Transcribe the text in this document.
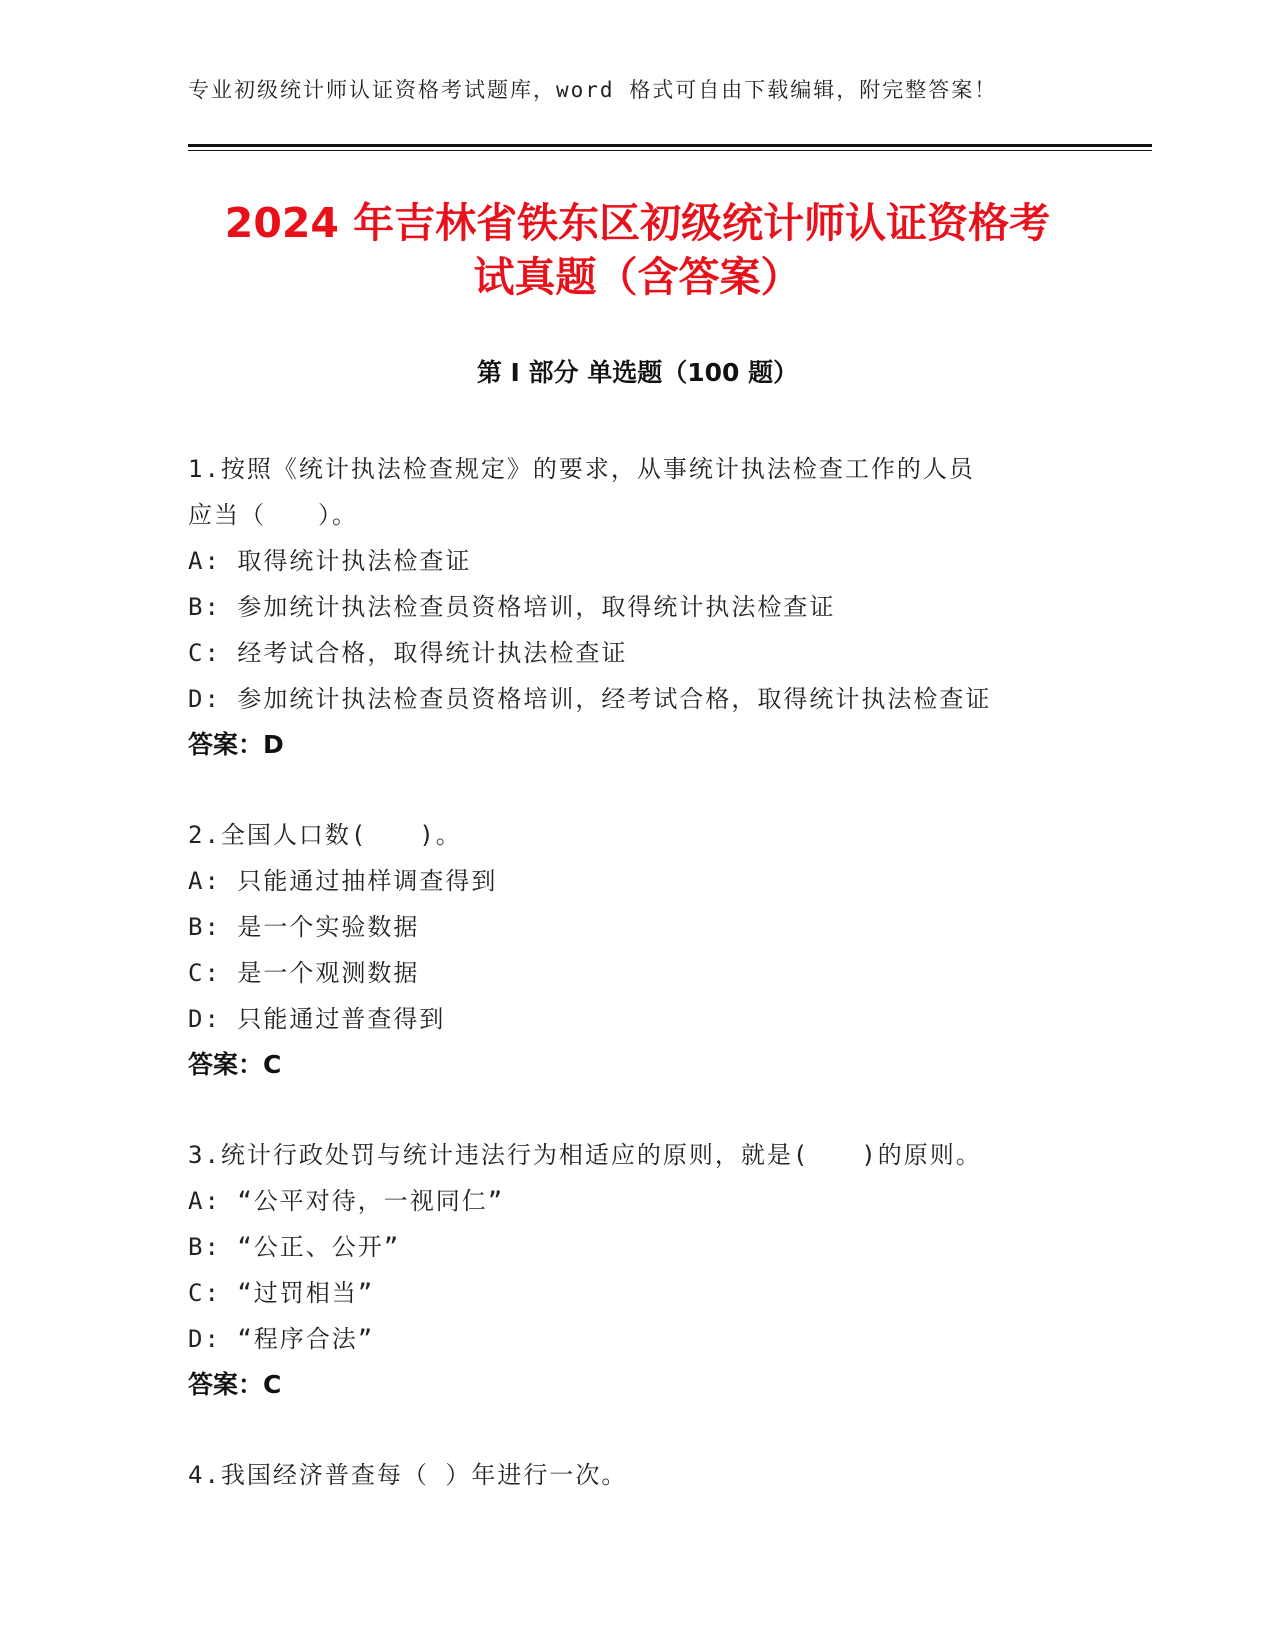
专业初级统计师认证资格考试题库，word 格式可自由下载编辑，附完整答案！
2024 年吉林省铁东区初级统计师认证资格考
试真题（含答案）
第 I 部分 单选题（100 题）
1.按照《统计执法检查规定》的要求，从事统计执法检查工作的人员
应当（　　）。
A: 取得统计执法检查证
B: 参加统计执法检查员资格培训，取得统计执法检查证
C: 经考试合格，取得统计执法检查证
D: 参加统计执法检查员资格培训，经考试合格，取得统计执法检查证
答案：D
2.全国人口数(　　)。
A: 只能通过抽样调查得到
B: 是一个实验数据
C: 是一个观测数据
D: 只能通过普查得到
答案：C
3.统计行政处罚与统计违法行为相适应的原则，就是(　　)的原则。
A: “公平对待，一视同仁”
B: “公正、公开”
C: “过罚相当”
D: “程序合法”
答案：C
4.我国经济普查每（ ）年进行一次。
